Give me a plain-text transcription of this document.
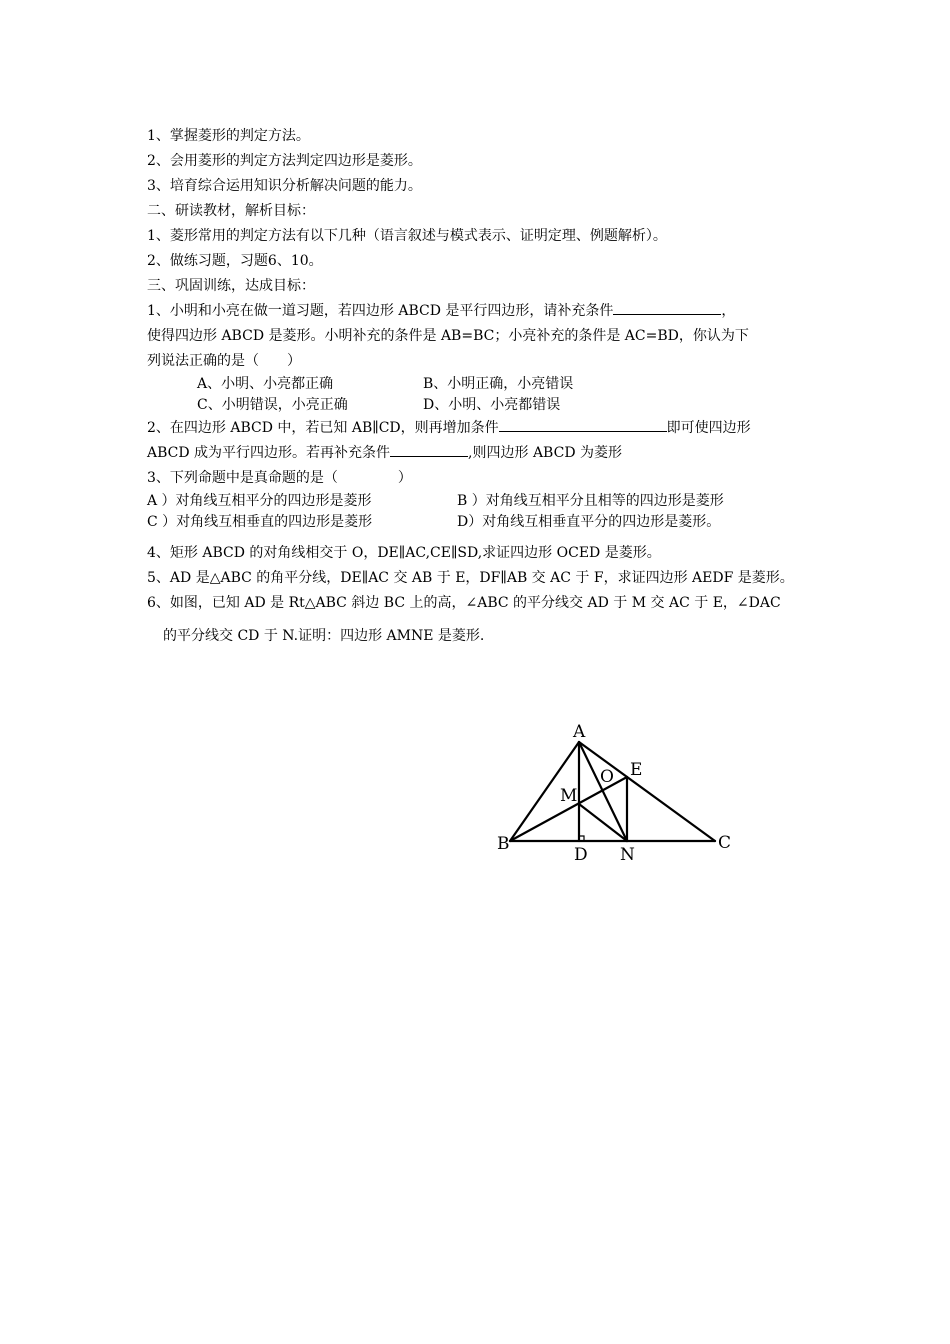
1、掌握菱形的判定方法。
2、会用菱形的判定方法判定四边形是菱形。
3、培育综合运用知识分析解决问题的能力。
二、研读教材，解析目标：
1、菱形常用的判定方法有以下几种（语言叙述与模式表示、证明定理、例题解析）。
2、做练习题，习题6、10。
三、巩固训练，达成目标：
1、小明和小亮在做一道习题，若四边形 ABCD 是平行四边形，请补充条件	，
使得四边形 ABCD 是菱形。小明补充的条件是 AB=BC；小亮补充的条件是 AC=BD，你认为下
列说法正确的是（ ）
A、小明、小亮都正确	B、小明正确，小亮错误
C、小明错误，小亮正确	D、小明、小亮都错误
2、在四边形 ABCD 中，若已知 AB∥CD，则再增加条件	即可使四边形
ABCD 成为平行四边形。若再补充条件	,则四边形 ABCD 为菱形
3、下列命题中是真命题的是（	）
A ）对角线互相平分的四边形是菱形	B ）对角线互相平分且相等的四边形是菱形
C ）对角线互相垂直的四边形是菱形	D）对角线互相垂直平分的四边形是菱形。
4、矩形 ABCD 的对角线相交于 O，DE∥AC,CE∥SD,求证四边形 OCED 是菱形。
5、AD 是△ABC 的角平分线，DE∥AC 交 AB 于 E，DF∥AB 交 AC 于 F，求证四边形 AEDF 是菱形。
6、如图，已知 AD 是 Rt△ABC 斜边 BC 上的高，∠ABC 的平分线交 AD 于 M 交 AC 于 E，∠DAC
的平分线交 CD 于 N.证明：四边形 AMNE 是菱形.
A
B	C
D
E
M
N
O
